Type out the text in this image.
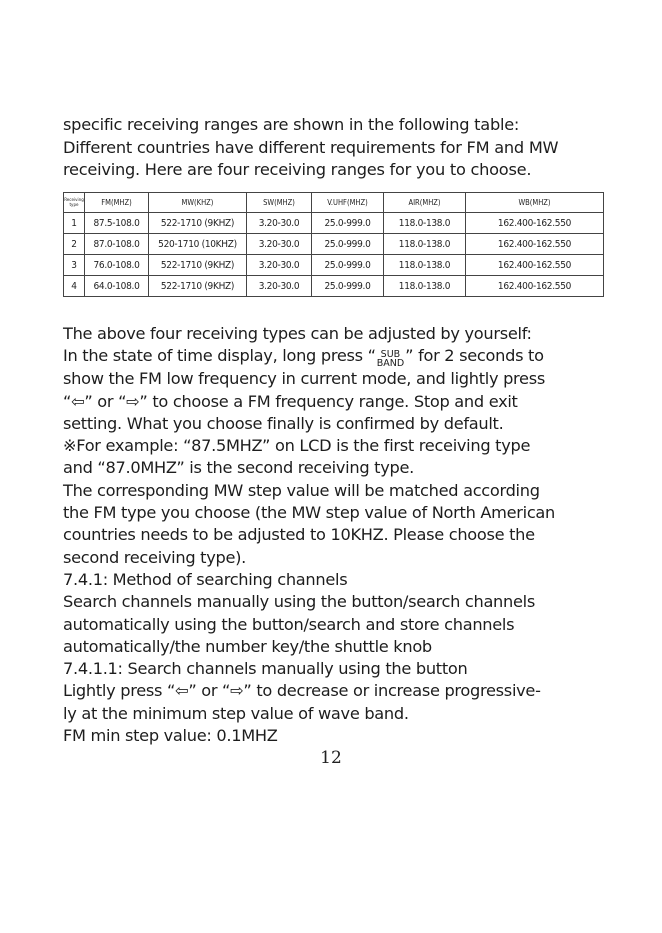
specific receiving ranges are shown in the following table:

Different countries have different requirements for FM and MW

receiving. Here are four receiving ranges for you to choose.

Receiving type	FM(MHZ)	MW(KHZ)	SW(MHZ)	V.UHF(MHZ)	AIR(MHZ)	WB(MHZ)
1	87.5-108.0	522-1710 (9KHZ)	3.20-30.0	25.0-999.0	118.0-138.0	162.400-162.550
2	87.0-108.0	520-1710 (10KHZ)	3.20-30.0	25.0-999.0	118.0-138.0	162.400-162.550
3	76.0-108.0	522-1710 (9KHZ)	3.20-30.0	25.0-999.0	118.0-138.0	162.400-162.550
4	64.0-108.0	522-1710 (9KHZ)	3.20-30.0	25.0-999.0	118.0-138.0	162.400-162.550

The above four receiving types can be adjusted by yourself:

In the state of time display, long press “ SUB
BAND ” for 2 seconds to

show the FM low frequency in current mode, and lightly press

“⇦” or “⇨” to choose a FM frequency range. Stop and exit

setting. What you choose finally is confirmed by default.

※For example: “87.5MHZ” on LCD is the first receiving type

and “87.0MHZ” is the second receiving type.

The corresponding MW step value will be matched according

the FM type you choose (the MW step value of North American

countries needs to be adjusted to 10KHZ. Please choose the

second receiving type).

7.4.1: Method of searching channels

Search channels manually using the button/search channels

automatically using the button/search and store channels

automatically/the number key/the shuttle knob

7.4.1.1: Search channels manually using the button

Lightly press “⇦” or “⇨” to decrease or increase progressive-

ly at the minimum step value of wave band.

FM min step value: 0.1MHZ

12
